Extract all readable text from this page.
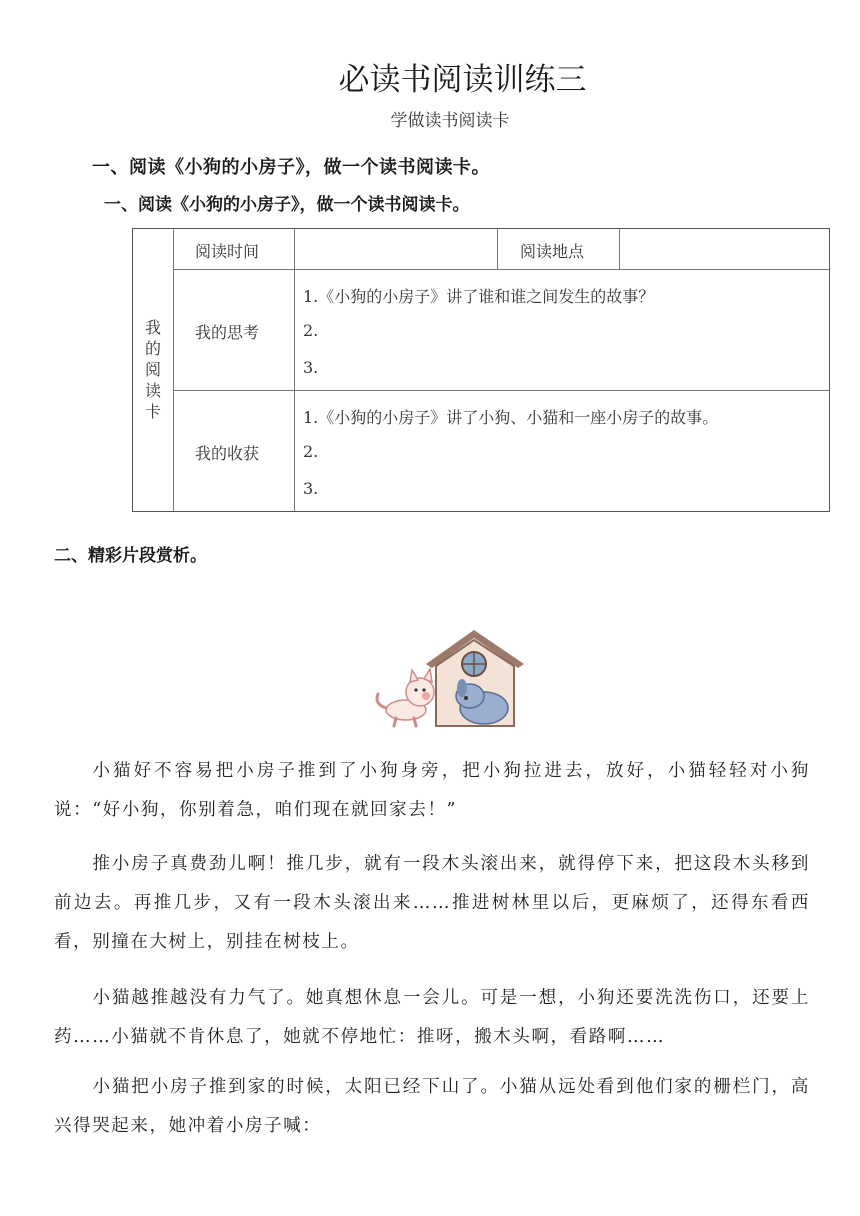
必读书阅读训练三
学做读书阅读卡
一、阅读《小狗的小房子》，做一个读书阅读卡。
一、阅读《小狗的小房子》，做一个读书阅读卡。
我
的
阅
读
卡
阅读时间	阅读地点
我的思考
1.《小狗的小房子》讲了谁和谁之间发生的故事？
2.
3.
我的收获
1.《小狗的小房子》讲了小狗、小猫和一座小房子的故事。
2.
3.
二、精彩片段赏析。

小猫好不容易把小房子推到了小狗身旁，把小狗拉进去，放好，小猫轻轻对小狗说：“好小狗，你别着急，咱们现在就回家去！”

推小房子真费劲儿啊！推几步，就有一段木头滚出来，就得停下来，把这段木头移到前边去。再推几步，又有一段木头滚出来……推进树林里以后，更麻烦了，还得东看西看，别撞在大树上，别挂在树枝上。

小猫越推越没有力气了。她真想休息一会儿。可是一想，小狗还要洗洗伤口，还要上药……小猫就不肯休息了，她就不停地忙：推呀，搬木头啊，看路啊……

小猫把小房子推到家的时候，太阳已经下山了。小猫从远处看到他们家的栅栏门，高兴得哭起来，她冲着小房子喊：
